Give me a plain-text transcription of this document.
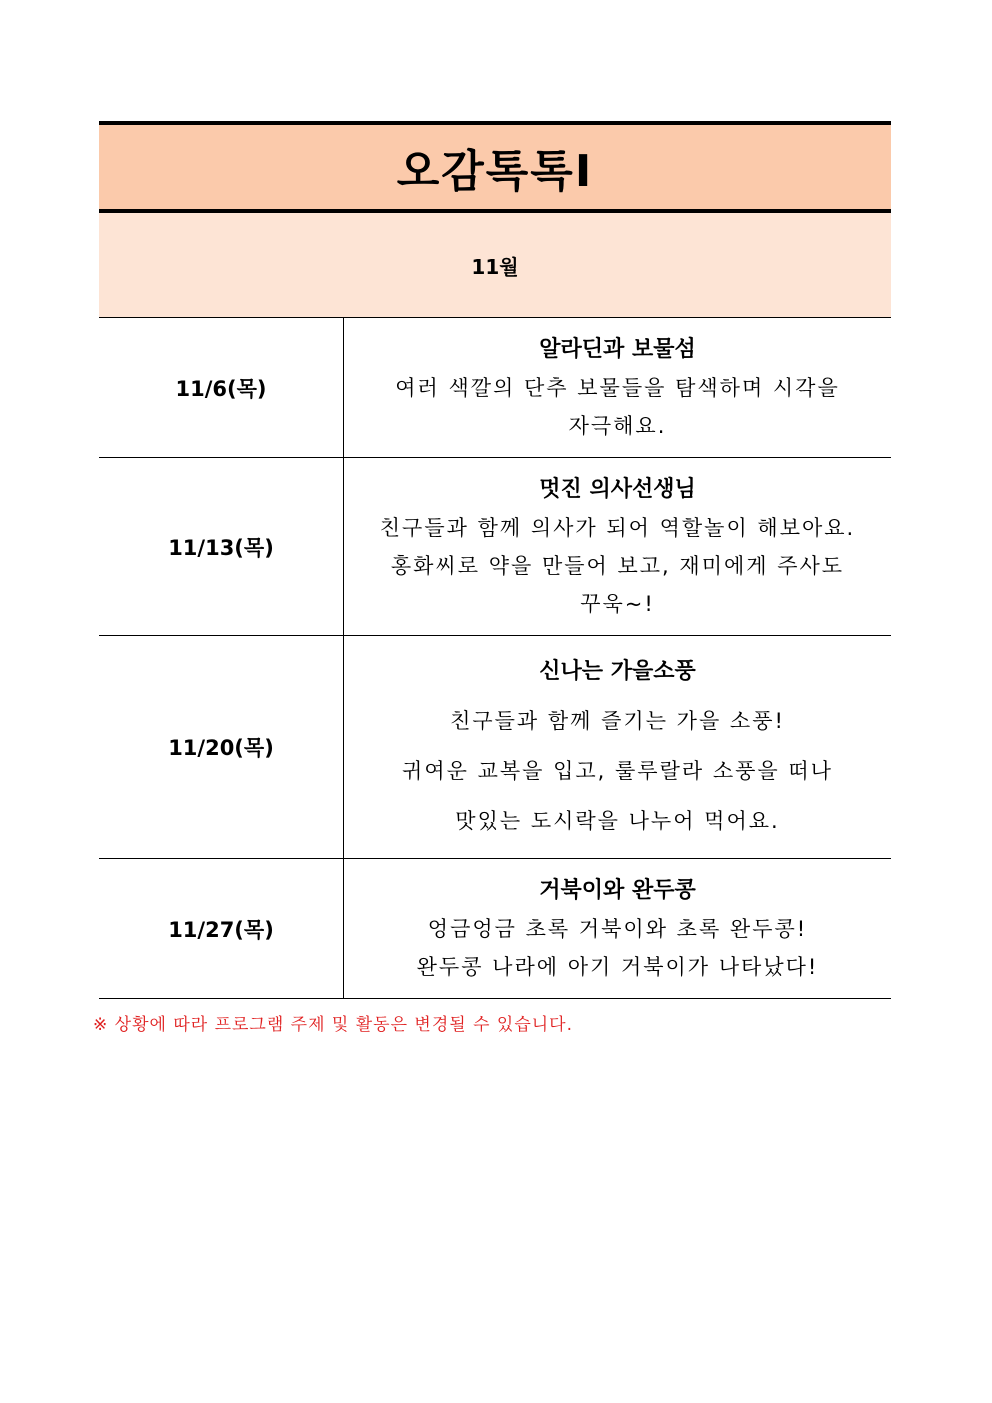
오감톡톡Ⅰ
11월
11/6(목)
알라딘과 보물섬
여러 색깔의 단추 보물들을 탐색하며 시각을
자극해요.
11/13(목)
멋진 의사선생님
친구들과 함께 의사가 되어 역할놀이 해보아요.
홍화씨로 약을 만들어 보고, 재미에게 주사도
꾸욱~!
11/20(목)
신나는 가을소풍
친구들과 함께 즐기는 가을 소풍!
귀여운 교복을 입고, 룰루랄라 소풍을 떠나
맛있는 도시락을 나누어 먹어요.
11/27(목)
거북이와 완두콩
엉금엉금 초록 거북이와 초록 완두콩!
완두콩 나라에 아기 거북이가 나타났다!
※ 상황에 따라 프로그램 주제 및 활동은 변경될 수 있습니다.
